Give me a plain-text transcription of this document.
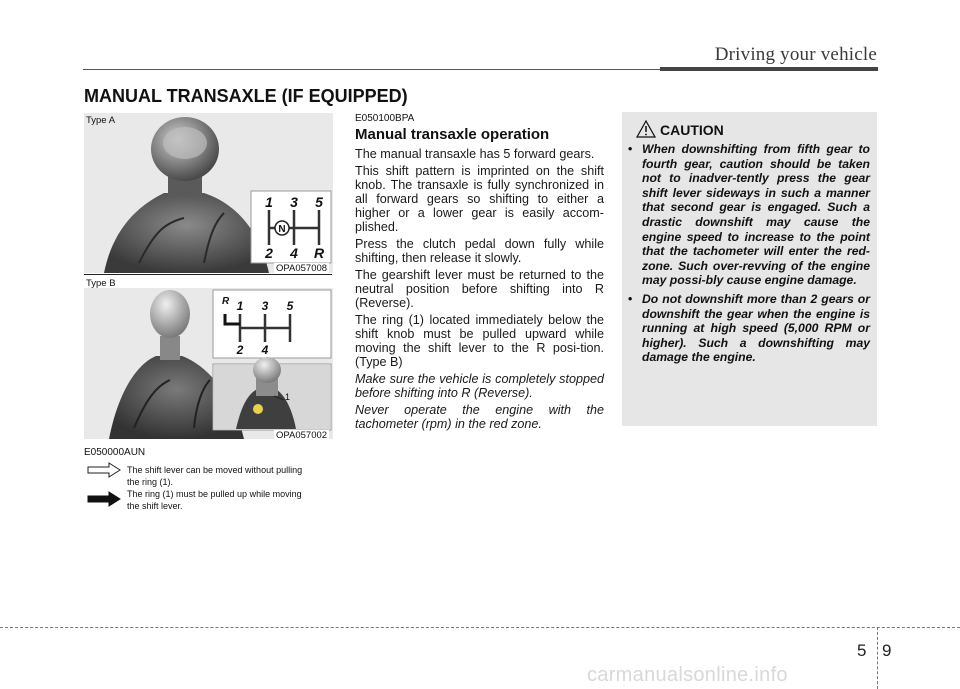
Driving your vehicle
MANUAL TRANSAXLE (IF EQUIPPED)
N
1 3 5
2 4 R
Type A
OPA057008
R 1 3 5
2 4
1
Type B
OPA057002
E050000AUN
The shift lever can be moved without pulling
the ring (1).
The ring (1) must be pulled up while moving
the shift lever.
E050100BPA
Manual transaxle operation

The manual transaxle has 5 forward gears.

This shift pattern is imprinted on the shift knob. The transaxle is fully synchronized in all forward gears so shifting to either a higher or a lower gear is easily accom-plished.

Press the clutch pedal down fully while shifting, then release it slowly.

The gearshift lever must be returned to the neutral position before shifting into R (Reverse).

The ring (1) located immediately below the shift knob must be pulled upward while moving the shift lever to the R posi-tion. (Type B)

Make sure the vehicle is completely stopped before shifting into R (Reverse).

Never operate the engine with the tachometer (rpm) in the red zone.

CAUTION
• When downshifting from fifth gear to fourth gear, caution should be taken not to inadver-tently press the gear shift lever sideways in such a manner that second gear is engaged. Such a drastic downshift may cause the engine speed to increase to the point that the tachometer will enter the red-zone. Such over-revving of the engine may possi-bly cause engine damage.
• Do not downshift more than 2 gears or downshift the gear when the engine is running at high speed (5,000 RPM or higher). Such a downshifting may damage the engine.
5 9
carmanualsonline.info
